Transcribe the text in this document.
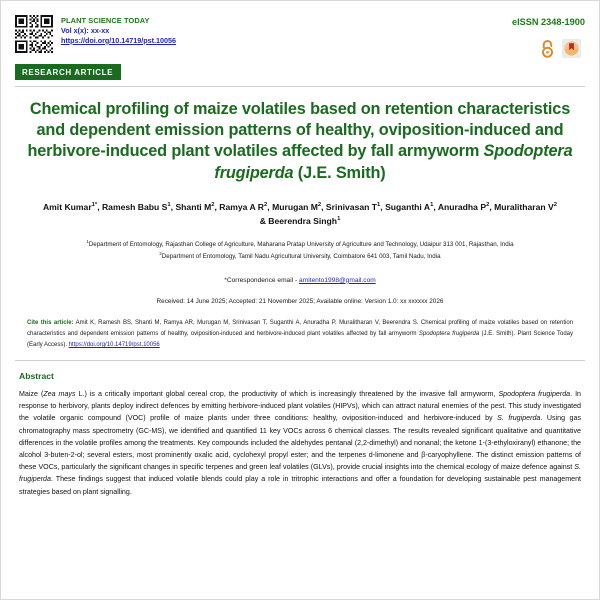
PLANT SCIENCE TODAY
Vol x(x): xx-xx
https://doi.org/10.14719/pst.10056
eISSN 2348-1900
RESEARCH ARTICLE
Chemical profiling of maize volatiles based on retention characteristics and dependent emission patterns of healthy, oviposition-induced and herbivore-induced plant volatiles affected by fall armyworm Spodoptera frugiperda (J.E. Smith)
Amit Kumar$^{1*}$, Ramesh Babu $S^1$, Shanti $M^2$, Ramya A $R^2$, Murugan $M^2$, Srinivasan $T^1$, Suganthi $A^1$, Anuradha $P^2$, Muralitharan $V^2$ & Beerendra Singh$^1$
$^1$Department of Entomology, Rajasthan College of Agriculture, Maharana Pratap University of Agriculture and Technology, Udaipur 313 001, Rajasthan, India
$^2$Department of Entomology, Tamil Nadu Agricultural University, Coimbatore 641 003, Tamil Nadu, India
*Correspondence email - amitento1998@gmail.com
Received: 14 June 2025; Accepted: 21 November 2025; Available online: Version 1.0: xx xxxxxx 2026
Cite this article: Amit K, Ramesh BS, Shanti M, Ramya AR, Murugan M, Srinivasan T, Suganthi A, Anuradha P, Muralitharan V, Beerendra S. Chemical profiling of maize volatiles based on retention characteristics and dependent emission patterns of healthy, oviposition-induced and herbivore-induced plant volatiles affected by fall armyworm Spodoptera frugiperda (J.E. Smith). Plant Science Today (Early Access). https://doi.org/10.14719/pst.10056
Abstract
Maize (Zea mays L.) is a critically important global cereal crop, the productivity of which is increasingly threatened by the invasive fall armyworm, Spodoptera frugiperda. In response to herbivory, plants deploy indirect defences by emitting herbivore-induced plant volatiles (HIPVs), which can attract natural enemies of the pest. This study investigated the volatile organic compound (VOC) profile of maize plants under three conditions: healthy, oviposition-induced and herbivore-induced by S. frugiperda. Using gas chromatography mass spectrometry (GC-MS), we identified and quantified 11 key VOCs across 6 chemical classes. The results revealed significant qualitative and quantitative differences in the volatile profiles among the treatments. Key compounds included the aldehydes pentanal (2,2-dimethyl) and nonanal; the ketone 1-(3-ethyloxiranyl) ethanone; the alcohol 3-buten-2-ol; several esters, most prominently oxalic acid, cyclohexyl propyl ester; and the terpenes d-limonene and β-caryophyllene. The distinct emission patterns of these VOCs, particularly the significant changes in specific terpenes and green leaf volatiles (GLVs), provide crucial insights into the chemical ecology of maize defence against S. frugiperda. These findings suggest that induced volatile blends could play a role in tritrophic interactions and offer a foundation for developing sustainable pest management strategies based on plant signalling.
